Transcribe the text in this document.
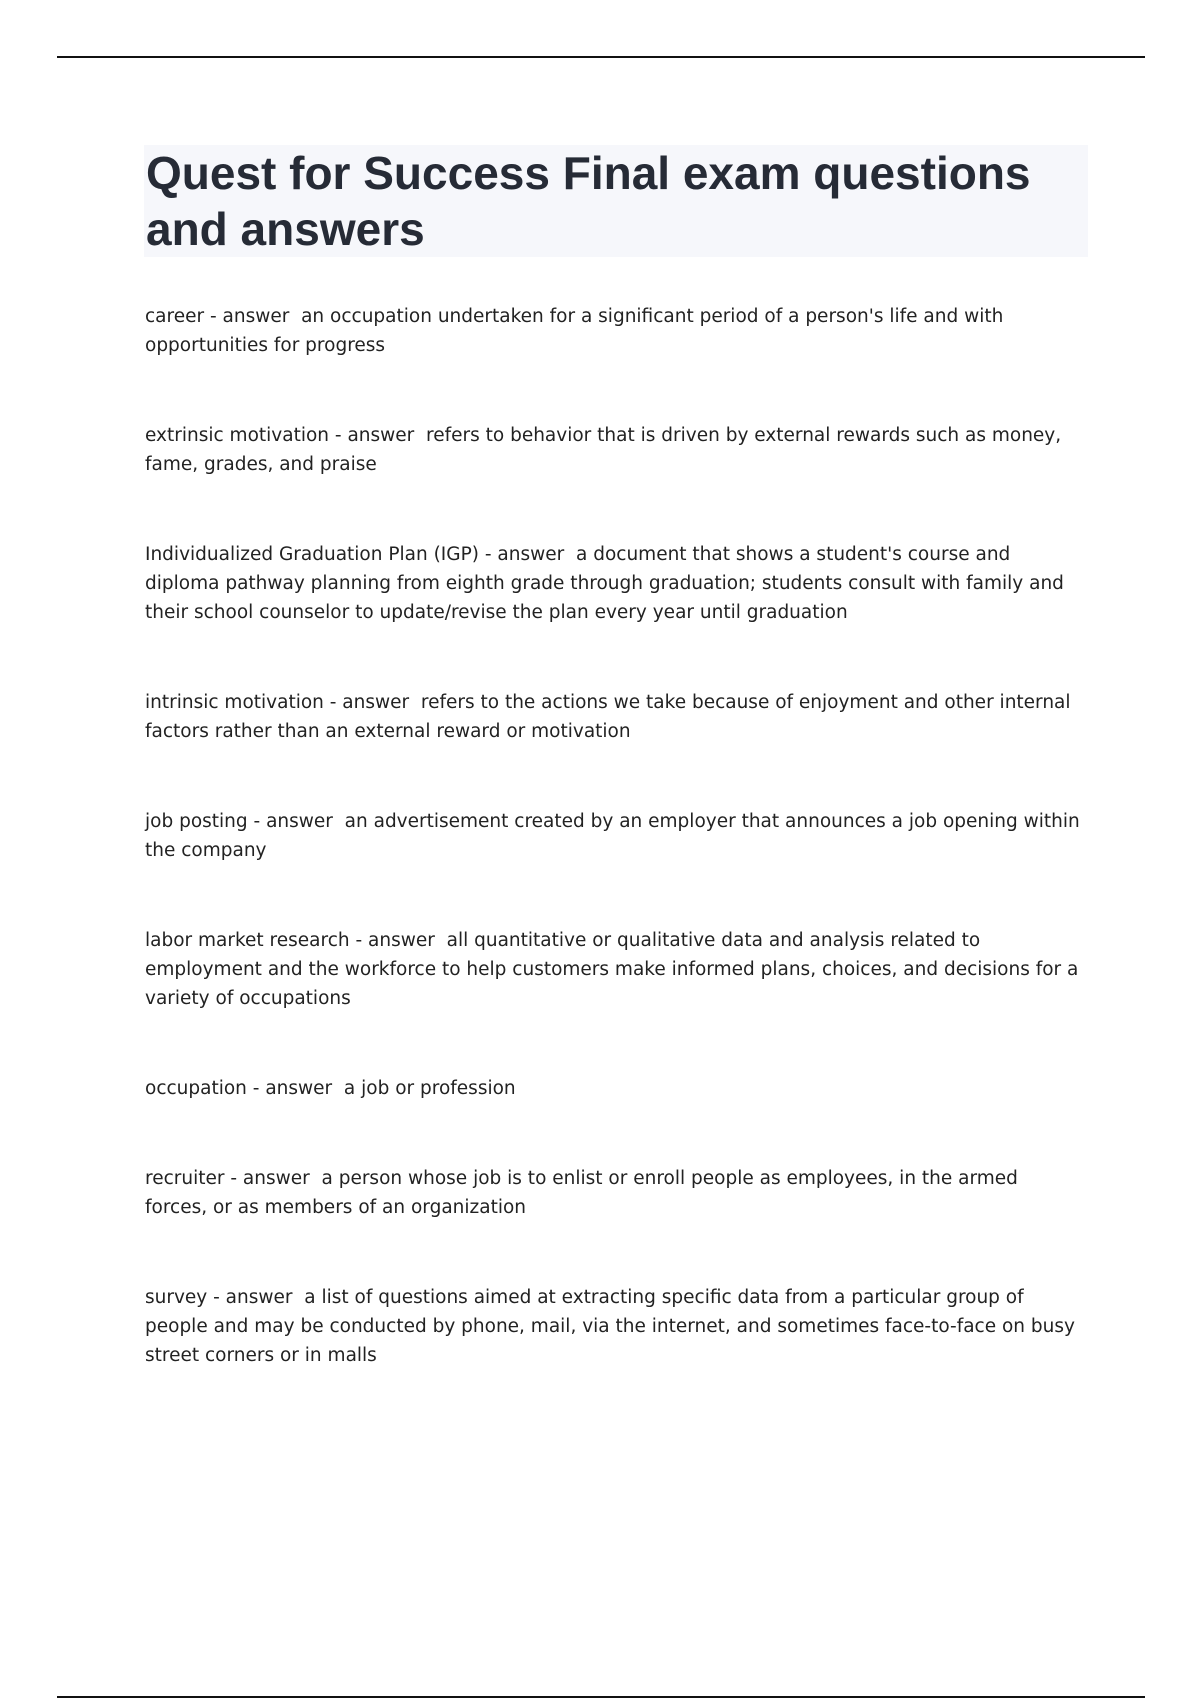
Quest for Success Final exam questions and answers

career - answer  an occupation undertaken for a significant period of a person's life and with opportunities for progress

extrinsic motivation - answer  refers to behavior that is driven by external rewards such as money, fame, grades, and praise

Individualized Graduation Plan (IGP) - answer  a document that shows a student's course and diploma pathway planning from eighth grade through graduation; students consult with family and their school counselor to update/revise the plan every year until graduation

intrinsic motivation - answer  refers to the actions we take because of enjoyment and other internal factors rather than an external reward or motivation

job posting - answer  an advertisement created by an employer that announces a job opening within the company

labor market research - answer  all quantitative or qualitative data and analysis related to employment and the workforce to help customers make informed plans, choices, and decisions for a variety of occupations

occupation - answer  a job or profession

recruiter - answer  a person whose job is to enlist or enroll people as employees, in the armed forces, or as members of an organization

survey - answer  a list of questions aimed at extracting specific data from a particular group of people and may be conducted by phone, mail, via the internet, and sometimes face-to-face on busy street corners or in malls
